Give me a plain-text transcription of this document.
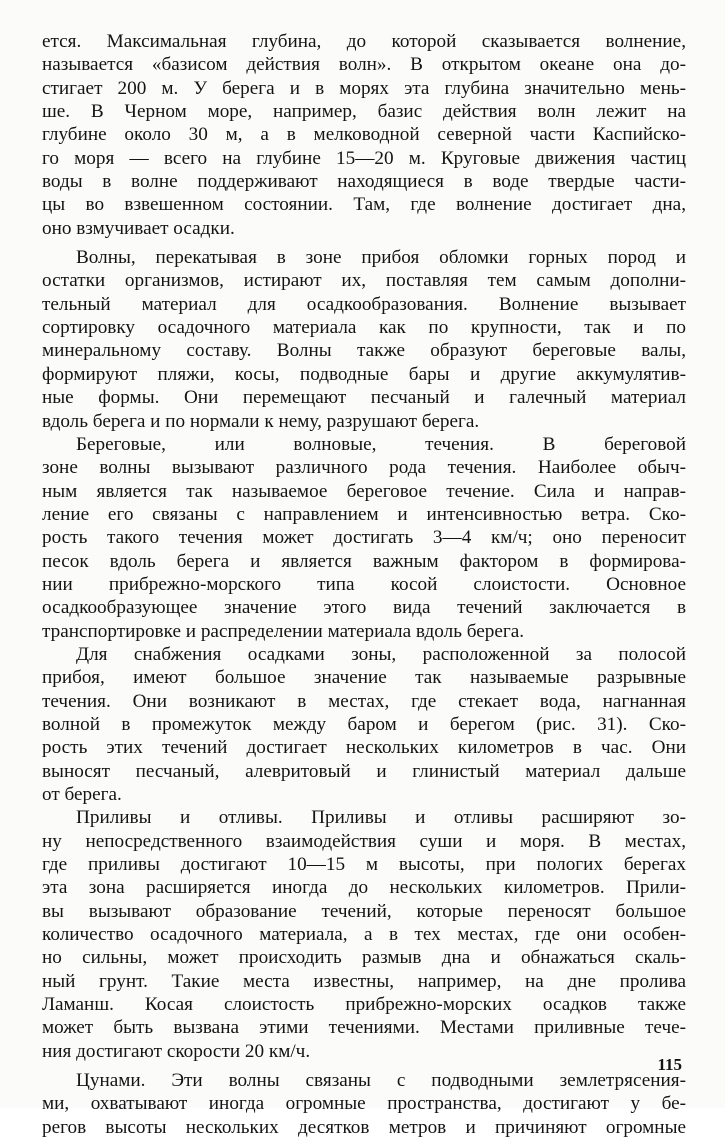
ется. Максимальная глубина, до которой сказывается волнение,
называется «базисом действия волн». В открытом океане она до-
стигает 200 м. У берега и в морях эта глубина значительно мень-
ше. В Черном море, например, базис действия волн лежит на
глубине около 30 м, а в мелководной северной части Каспийско-
го моря — всего на глубине 15—20 м. Круговые движения частиц
воды в волне поддерживают находящиеся в воде твердые части-
цы во взвешенном состоянии. Там, где волнение достигает дна,
оно взмучивает осадки.
Волны, перекатывая в зоне прибоя обломки горных пород и
остатки организмов, истирают их, поставляя тем самым дополни-
тельный материал для осадкообразования. Волнение вызывает
сортировку осадочного материала как по крупности, так и по
минеральному составу. Волны также образуют береговые валы,
формируют пляжи, косы, подводные бары и другие аккумулятив-
ные формы. Они перемещают песчаный и галечный материал
вдоль берега и по нормали к нему, разрушают берега.
Береговые, или волновые, течения. В береговой
зоне волны вызывают различного рода течения. Наиболее обыч-
ным является так называемое береговое течение. Сила и направ-
ление его связаны с направлением и интенсивностью ветра. Ско-
рость такого течения может достигать 3—4 км/ч; оно переносит
песок вдоль берега и является важным фактором в формирова-
нии прибрежно-морского типа косой слоистости. Основное
осадкообразующее значение этого вида течений заключается в
транспортировке и распределении материала вдоль берега.
Для снабжения осадками зоны, расположенной за полосой
прибоя, имеют большое значение так называемые разрывные
течения. Они возникают в местах, где стекает вода, нагнанная
волной в промежуток между баром и берегом (рис. 31). Ско-
рость этих течений достигает нескольких километров в час. Они
выносят песчаный, алевритовый и глинистый материал дальше
от берега.
Приливы и отливы. Приливы и отливы расширяют зо-
ну непосредственного взаимодействия суши и моря. В местах,
где приливы достигают 10—15 м высоты, при пологих берегах
эта зона расширяется иногда до нескольких километров. Прили-
вы вызывают образование течений, которые переносят большое
количество осадочного материала, а в тех местах, где они особен-
но сильны, может происходить размыв дна и обнажаться скаль-
ный грунт. Такие места известны, например, на дне пролива
Ламанш. Косая слоистость прибрежно-морских осадков также
может быть вызвана этими течениями. Местами приливные тече-
ния достигают скорости 20 км/ч.
Цунами. Эти волны связаны с подводными землетрясения-
ми, охватывают иногда огромные пространства, достигают у бе-
регов высоты нескольких десятков метров и причиняют огромные
115
